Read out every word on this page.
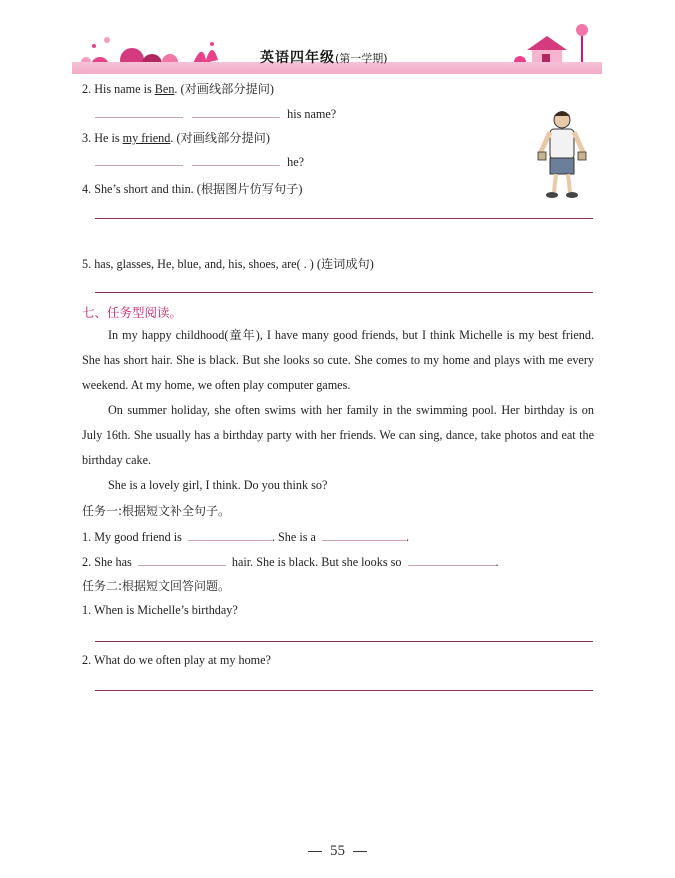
英语四年级(第一学期)
2. His name is Ben. (对画线部分提问)
his name?
3. He is my friend. (对画线部分提问)
he?
4. She’s short and thin. (根据图片仿写句子)
5. has, glasses, He, blue, and, his, shoes, are( . ) (连词成句)
七、任务型阅读。
In my happy childhood(童年), I have many good friends, but I think Michelle is my best friend. She has short hair. She is black. But she looks so cute. She comes to my home and plays with me every weekend. At my home, we often play computer games.
On summer holiday, she often swims with her family in the swimming pool. Her birthday is on July 16th. She usually has a birthday party with her friends. We can sing, dance, take photos and eat the birthday cake.
She is a lovely girl, I think. Do you think so?
任务一:根据短文补全句子。
1. My good friend is	. She is a	.
2. She has	hair. She is black. But she looks so	.
任务二:根据短文回答问题。
1. When is Michelle’s birthday?
2. What do we often play at my home?
55
